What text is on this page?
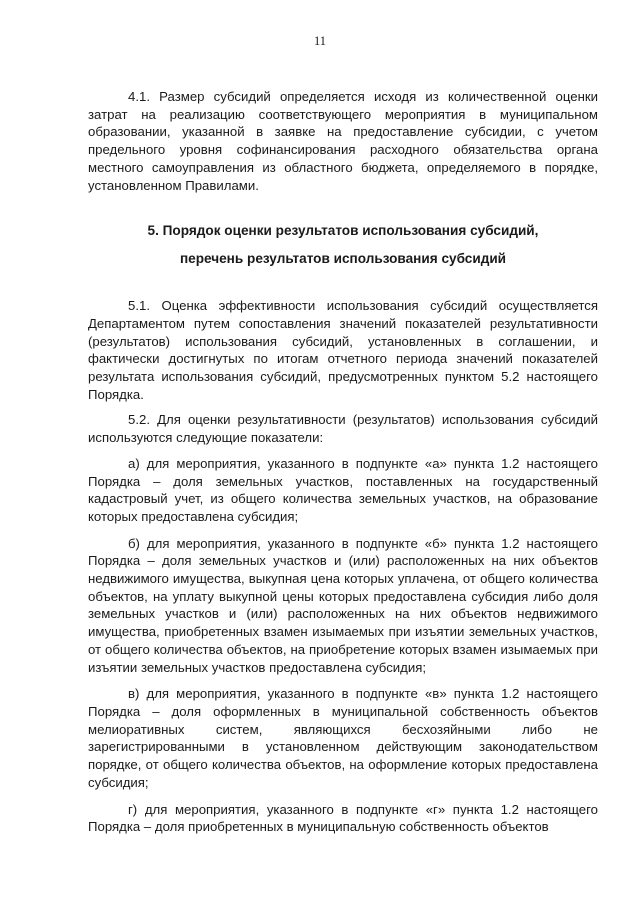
11

4.1. Размер субсидий определяется исходя из количественной оценки затрат на реализацию соответствующего мероприятия в муниципальном образовании, указанной в заявке на предоставление субсидии, с учетом предельного уровня софинансирования расходного обязательства органа местного самоуправления из областного бюджета, определяемого в порядке, установленном Правилами.

5. Порядок оценки результатов использования субсидий,
перечень результатов использования субсидий

5.1. Оценка эффективности использования субсидий осуществляется Департаментом путем сопоставления значений показателей результативности (результатов) использования субсидий, установленных в соглашении, и фактически достигнутых по итогам отчетного периода значений показателей результата использования субсидий, предусмотренных пунктом 5.2 настоящего Порядка.

5.2. Для оценки результативности (результатов) использования субсидий используются следующие показатели:

а) для мероприятия, указанного в подпункте «а» пункта 1.2 настоящего Порядка – доля земельных участков, поставленных на государственный кадастровый учет, из общего количества земельных участков, на образование которых предоставлена субсидия;

б) для мероприятия, указанного в подпункте «б» пункта 1.2 настоящего Порядка – доля земельных участков и (или) расположенных на них объектов недвижимого имущества, выкупная цена которых уплачена, от общего количества объектов, на уплату выкупной цены которых предоставлена субсидия либо доля земельных участков и (или) расположенных на них объектов недвижимого имущества, приобретенных взамен изымаемых при изъятии земельных участков, от общего количества объектов, на приобретение которых взамен изымаемых при изъятии земельных участков предоставлена субсидия;

в) для мероприятия, указанного в подпункте «в» пункта 1.2 настоящего Порядка – доля оформленных в муниципальной собственность объектов мелиоративных систем, являющихся бесхозяйными либо не зарегистрированными в установленном действующим законодательством порядке, от общего количества объектов, на оформление которых предоставлена субсидия;

г) для мероприятия, указанного в подпункте «г» пункта 1.2 настоящего Порядка – доля приобретенных в муниципальную собственность объектов
